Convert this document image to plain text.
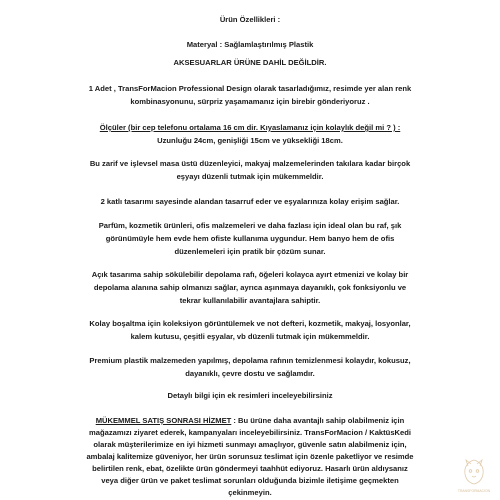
Ürün Özellikleri :
Materyal : Sağlamlaştırılmış Plastik
AKSESUARLAR ÜRÜNE DAHİL DEĞİLDİR.
1 Adet , TransForMacion Professional Design olarak tasarladığımız, resimde yer alan renk
kombinasyonunu, sürpriz yaşamamanız için birebir gönderiyoruz .
Ölçüler (bir cep telefonu ortalama 16 cm dir. Kıyaslamanız için kolaylık değil mi ? ) :
Uzunluğu 24cm, genişliği 15cm ve yüksekliği 18cm.
Bu zarif ve işlevsel masa üstü düzenleyici, makyaj malzemelerinden takılara kadar birçok
eşyayı düzenli tutmak için mükemmeldir.
2 katlı tasarımı sayesinde alandan tasarruf eder ve eşyalarınıza kolay erişim sağlar.
Parfüm, kozmetik ürünleri, ofis malzemeleri ve daha fazlası için ideal olan bu raf, şık
görünümüyle hem evde hem ofiste kullanıma uygundur. Hem banyo hem de ofis
düzenlemeleri için pratik bir çözüm sunar.
Açık tasarıma sahip sökülebilir depolama rafı, öğeleri kolayca ayırt etmenizi ve kolay bir
depolama alanına sahip olmanızı sağlar, ayrıca aşınmaya dayanıklı, çok fonksiyonlu ve
tekrar kullanılabilir avantajlara sahiptir.
Kolay boşaltma için koleksiyon görüntülemek ve not defteri, kozmetik, makyaj, losyonlar,
kalem kutusu, çeşitli eşyalar, vb düzenli tutmak için mükemmeldir.
Premium plastik malzemeden yapılmış, depolama rafının temizlenmesi kolaydır, kokusuz,
dayanıklı, çevre dostu ve sağlamdır.
Detaylı bilgi için ek resimleri inceleyebilirsiniz
MÜKEMMEL SATIŞ SONRASI HİZMET : Bu ürüne daha avantajlı sahip olabilmeniz için
mağazamızı ziyaret ederek, kampanyaları inceleyebilirsiniz. TransForMacion / KaktüsKedi
olarak müşterilerimize en iyi hizmeti sunmayı amaçlıyor, güvenle satın alabilmeniz için,
ambalaj kalitemize güveniyor, her ürün sorunsuz teslimat için özenle paketliyor ve resimde
belirtilen renk, ebat, özelikte ürün göndermeyi taahhüt ediyoruz. Hasarlı ürün aldıysanız
veya diğer ürün ve paket teslimat sorunları olduğunda bizimle iletişime geçmekten
çekinmeyin.	TRANSFORMACION
